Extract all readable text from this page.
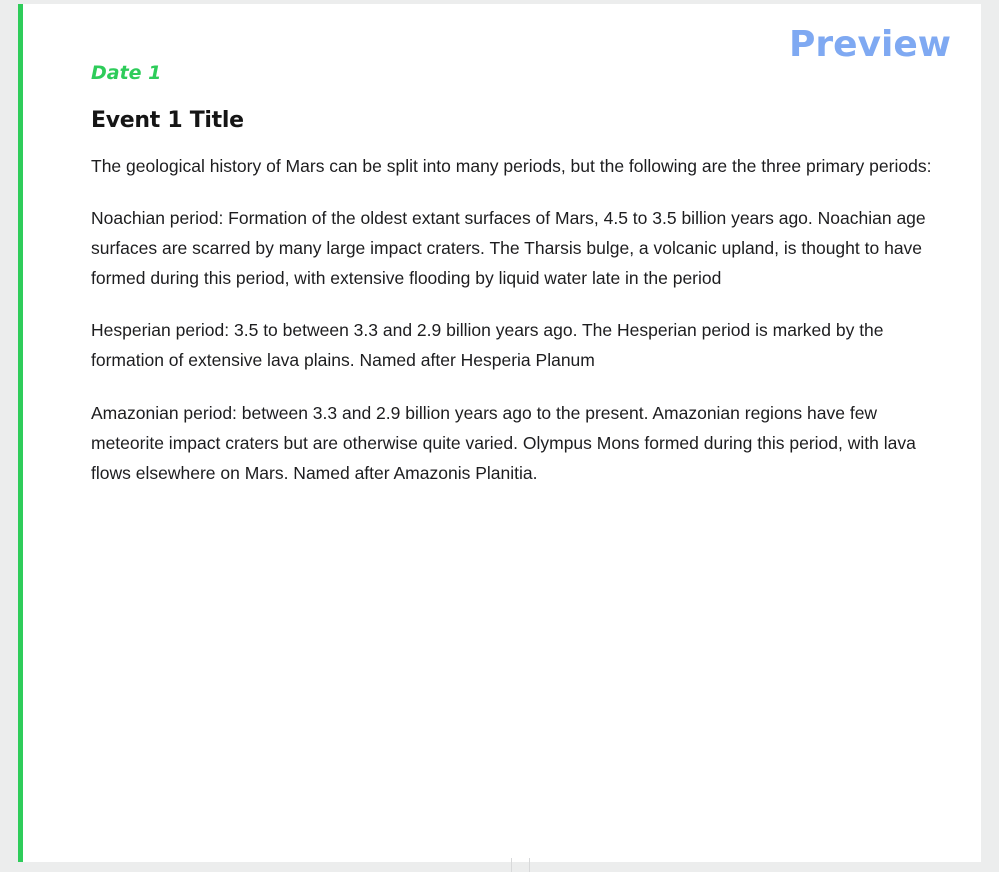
Preview
Date 1
Event 1 Title

The geological history of Mars can be split into many periods, but the following are the three primary periods:

Noachian period: Formation of the oldest extant surfaces of Mars, 4.5 to 3.5 billion years ago. Noachian age surfaces are scarred by many large impact craters. The Tharsis bulge, a volcanic upland, is thought to have formed during this period, with extensive flooding by liquid water late in the period

Hesperian period: 3.5 to between 3.3 and 2.9 billion years ago. The Hesperian period is marked by the formation of extensive lava plains. Named after Hesperia Planum

Amazonian period: between 3.3 and 2.9 billion years ago to the present. Amazonian regions have few meteorite impact craters but are otherwise quite varied. Olympus Mons formed during this period, with lava flows elsewhere on Mars. Named after Amazonis Planitia.
